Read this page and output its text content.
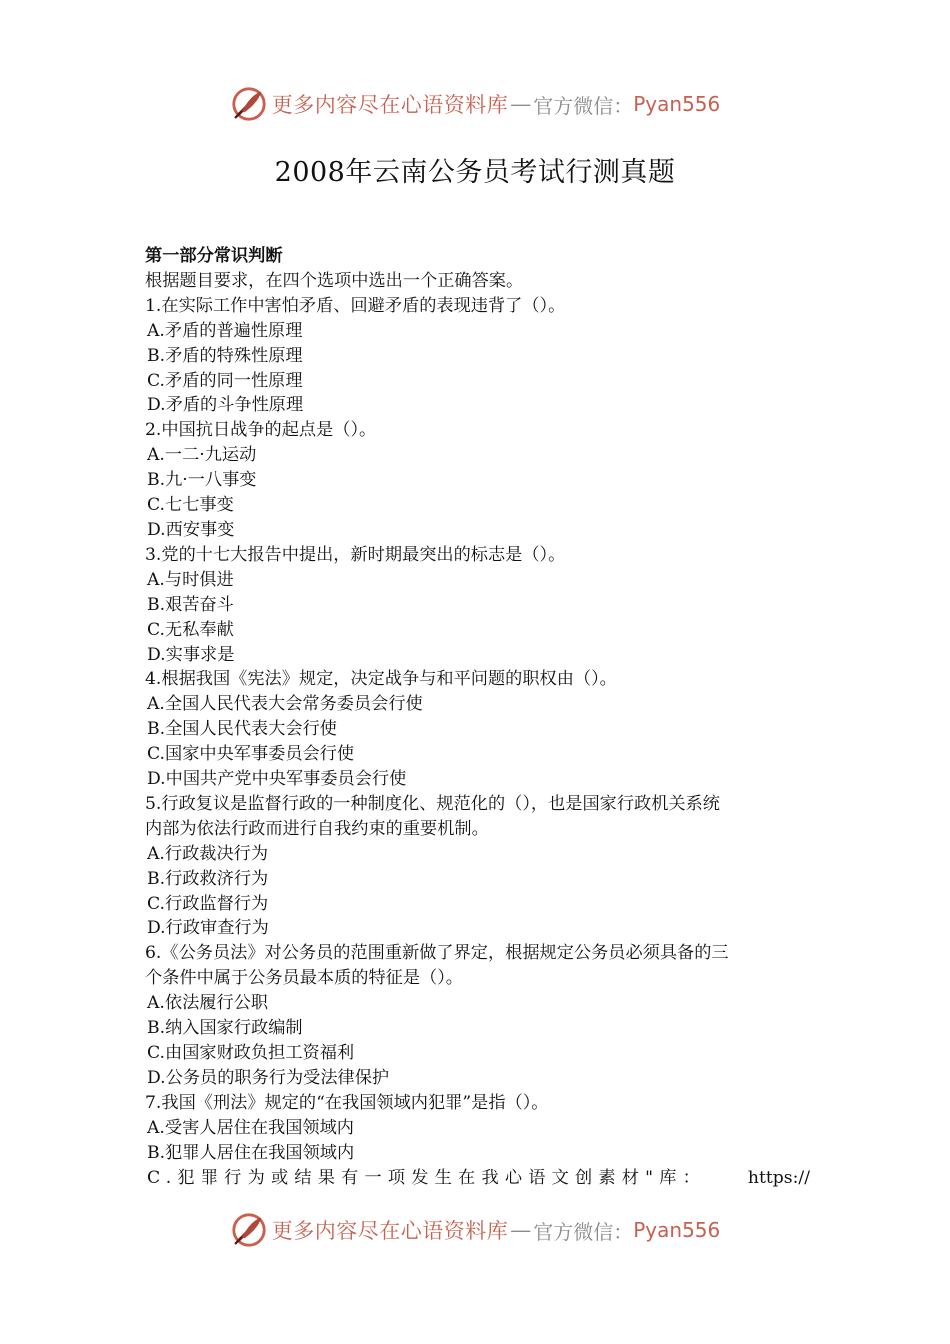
更多内容尽在心语资料库 — 官方微信： Pyan556
2008年云南公务员考试行测真题

第一部分常识判断

根据题目要求，在四个选项中选出一个正确答案。

1.在实际工作中害怕矛盾、回避矛盾的表现违背了（）。

A.矛盾的普遍性原理

B.矛盾的特殊性原理

C.矛盾的同一性原理

D.矛盾的斗争性原理

2.中国抗日战争的起点是（）。

A.一二·九运动

B.九·一八事变

C.七七事变

D.西安事变

3.党的十七大报告中提出，新时期最突出的标志是（）。

A.与时俱进

B.艰苦奋斗

C.无私奉献

D.实事求是

4.根据我国《宪法》规定，决定战争与和平问题的职权由（）。

A.全国人民代表大会常务委员会行使

B.全国人民代表大会行使

C.国家中央军事委员会行使

D.中国共产党中央军事委员会行使

5.行政复议是监督行政的一种制度化、规范化的（），也是国家行政机关系统

内部为依法行政而进行自我约束的重要机制。

A.行政裁决行为

B.行政救济行为

C.行政监督行为

D.行政审查行为

6.《公务员法》对公务员的范围重新做了界定，根据规定公务员必须具备的三

个条件中属于公务员最本质的特征是（）。

A.依法履行公职

B.纳入国家行政编制

C.由国家财政负担工资福利

D.公务员的职务行为受法律保护

7.我国《刑法》规定的“在我国领域内犯罪”是指（）。

A.受害人居住在我国领域内

B.犯罪人居住在我国领域内

C.犯罪行为或结果有一项发生在我心语文创素材"库： https://

更多内容尽在心语资料库 — 官方微信： Pyan556
